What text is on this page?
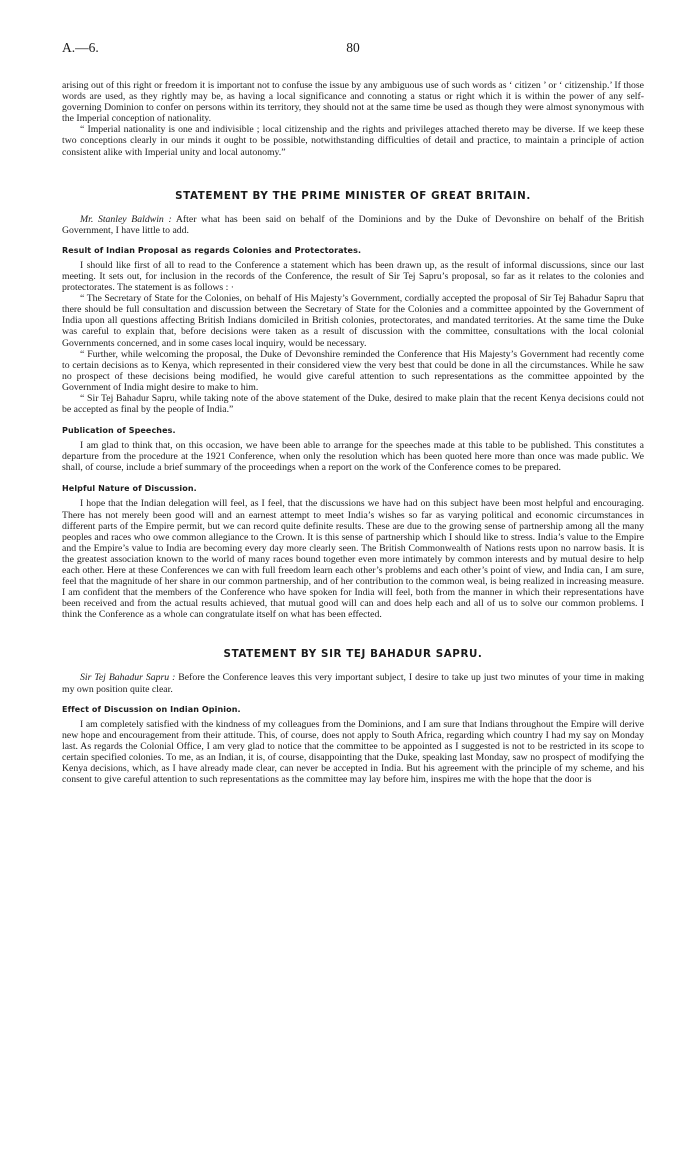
A.—6.	80

arising out of this right or freedom it is important not to confuse the issue by any ambiguous use of such words as ‘ citizen ’ or ‘ citizenship.’ If those words are used, as they rightly may be, as having a local significance and connoting a status or right which it is within the power of any self-governing Dominion to confer on persons within its territory, they should not at the same time be used as though they were almost synonymous with the Imperial conception of nationality.

“ Imperial nationality is one and indivisible ; local citizenship and the rights and privileges attached thereto may be diverse. If we keep these two conceptions clearly in our minds it ought to be possible, notwithstanding difficulties of detail and practice, to maintain a principle of action consistent alike with Imperial unity and local autonomy.”

STATEMENT BY THE PRIME MINISTER OF GREAT BRITAIN.

Mr. Stanley Baldwin : After what has been said on behalf of the Dominions and by the Duke of Devonshire on behalf of the British Government, I have little to add.

Result of Indian Proposal as regards Colonies and Protectorates.

I should like first of all to read to the Conference a statement which has been drawn up, as the result of informal discussions, since our last meeting. It sets out, for inclusion in the records of the Conference, the result of Sir Tej Sapru’s proposal, so far as it relates to the colonies and protectorates. The statement is as follows : ·

“ The Secretary of State for the Colonies, on behalf of His Majesty’s Government, cordially accepted the proposal of Sir Tej Bahadur Sapru that there should be full consultation and discussion between the Secretary of State for the Colonies and a committee appointed by the Government of India upon all questions affecting British Indians domiciled in British colonies, protectorates, and mandated territories. At the same time the Duke was careful to explain that, before decisions were taken as a result of discussion with the committee, consultations with the local colonial Governments concerned, and in some cases local inquiry, would be necessary.

“ Further, while welcoming the proposal, the Duke of Devonshire reminded the Conference that His Majesty’s Government had recently come to certain decisions as to Kenya, which represented in their considered view the very best that could be done in all the circumstances. While he saw no prospect of these decisions being modified, he would give careful attention to such representations as the committee appointed by the Government of India might desire to make to him.

“ Sir Tej Bahadur Sapru, while taking note of the above statement of the Duke, desired to make plain that the recent Kenya decisions could not be accepted as final by the people of India.”

Publication of Speeches.

I am glad to think that, on this occasion, we have been able to arrange for the speeches made at this table to be published. This constitutes a departure from the procedure at the 1921 Conference, when only the resolution which has been quoted here more than once was made public. We shall, of course, include a brief summary of the proceedings when a report on the work of the Conference comes to be prepared.

Helpful Nature of Discussion.

I hope that the Indian delegation will feel, as I feel, that the discussions we have had on this subject have been most helpful and encouraging. There has not merely been good will and an earnest attempt to meet India’s wishes so far as varying political and economic circumstances in different parts of the Empire permit, but we can record quite definite results. These are due to the growing sense of partnership among all the many peoples and races who owe common allegiance to the Crown. It is this sense of partnership which I should like to stress. India’s value to the Empire and the Empire’s value to India are becoming every day more clearly seen. The British Commonwealth of Nations rests upon no narrow basis. It is the greatest association known to the world of many races bound together even more intimately by common interests and by mutual desire to help each other. Here at these Conferences we can with full freedom learn each other’s problems and each other’s point of view, and India can, I am sure, feel that the magnitude of her share in our common partnership, and of her contribution to the common weal, is being realized in increasing measure. I am confident that the members of the Conference who have spoken for India will feel, both from the manner in which their representations have been received and from the actual results achieved, that mutual good will can and does help each and all of us to solve our common problems. I think the Conference as a whole can congratulate itself on what has been effected.

STATEMENT BY SIR TEJ BAHADUR SAPRU.

Sir Tej Bahadur Sapru : Before the Conference leaves this very important subject, I desire to take up just two minutes of your time in making my own position quite clear.

Effect of Discussion on Indian Opinion.

I am completely satisfied with the kindness of my colleagues from the Dominions, and I am sure that Indians throughout the Empire will derive new hope and encouragement from their attitude. This, of course, does not apply to South Africa, regarding which country I had my say on Monday last. As regards the Colonial Office, I am very glad to notice that the committee to be appointed as I suggested is not to be restricted in its scope to certain specified colonies. To me, as an Indian, it is, of course, disappointing that the Duke, speaking last Monday, saw no prospect of modifying the Kenya decisions, which, as I have already made clear, can never be accepted in India. But his agreement with the principle of my scheme, and his consent to give careful attention to such representations as the committee may lay before him, inspires me with the hope that the door is
